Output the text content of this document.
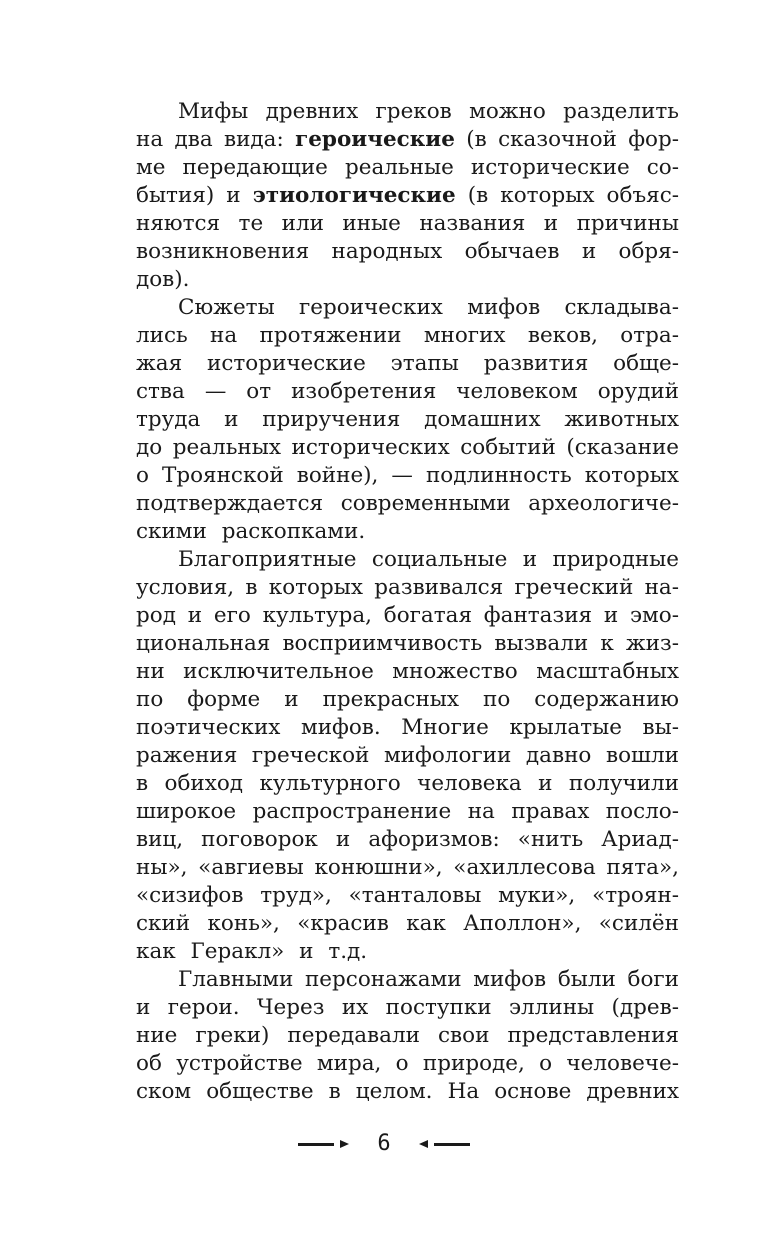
Мифы древних греков можно разделить
на два вида: героические (в сказочной фор-
ме передающие реальные исторические со-
бытия) и этиологические (в которых объяс-
няются те или иные названия и причины
возникновения народных обычаев и обря-
дов).
Сюжеты героических мифов складыва-
лись на протяжении многих веков, отра-
жая исторические этапы развития обще-
ства — от изобретения человеком орудий
труда и приручения домашних животных
до реальных исторических событий (сказание
о Троянской войне), — подлинность которых
подтверждается современными археологиче-
скими раскопками.
Благоприятные социальные и природные
условия, в которых развивался греческий на-
род и его культура, богатая фантазия и эмо-
циональная восприимчивость вызвали к жиз-
ни исключительное множество масштабных
по форме и прекрасных по содержанию
поэтических мифов. Многие крылатые вы-
ражения греческой мифологии давно вошли
в обиход культурного человека и получили
широкое распространение на правах посло-
виц, поговорок и афоризмов: «нить Ариад-
ны», «авгиевы конюшни», «ахиллесова пята»,
«сизифов труд», «танталовы муки», «троян-
ский конь», «красив как Аполлон», «силён
как Геракл» и т.д.
Главными персонажами мифов были боги
и герои. Через их поступки эллины (древ-
ние греки) передавали свои представления
об устройстве мира, о природе, о человече-
ском обществе в целом. На основе древних
6
